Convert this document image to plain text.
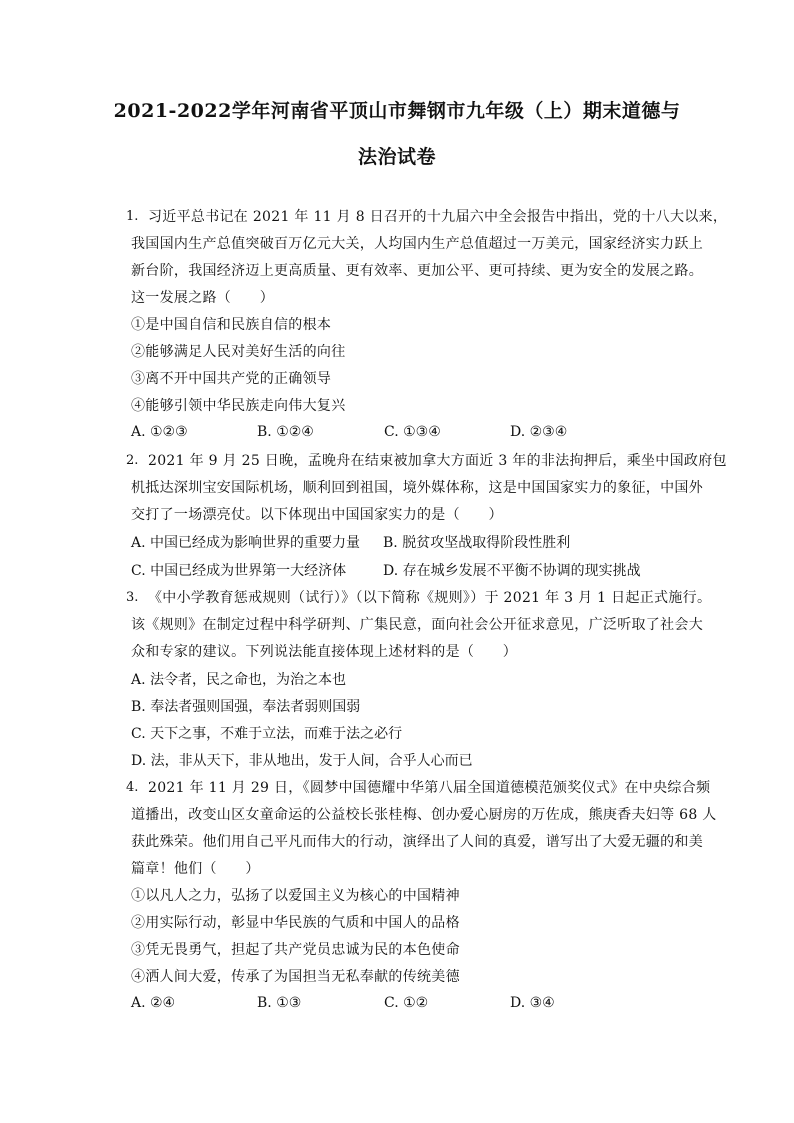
2021-2022学年河南省平顶山市舞钢市九年级（上）期末道德与
法治试卷
1. 习近平总书记在 2021 年 11 月 8 日召开的十九届六中全会报告中指出，党的十八大以来，
我国国内生产总值突破百万亿元大关，人均国内生产总值超过一万美元，国家经济实力跃上
新台阶，我国经济迈上更高质量、更有效率、更加公平、更可持续、更为安全的发展之路。
这一发展之路（　　）
①是中国自信和民族自信的根本
②能够满足人民对美好生活的向往
③离不开中国共产党的正确领导
④能够引领中华民族走向伟大复兴
A. ①②③	B. ①②④	C. ①③④	D. ②③④
2. 2021 年 9 月 25 日晚，孟晚舟在结束被加拿大方面近 3 年的非法拘押后，乘坐中国政府包
机抵达深圳宝安国际机场，顺利回到祖国，境外媒体称，这是中国国家实力的象征，中国外
交打了一场漂亮仗。以下体现出中国国家实力的是（　　）
A. 中国已经成为影响世界的重要力量 B. 脱贫攻坚战取得阶段性胜利
C. 中国已经成为世界第一大经济体	D. 存在城乡发展不平衡不协调的现实挑战
3. 《中小学教育惩戒规则（试行）》（以下简称《规则》）于 2021 年 3 月 1 日起正式施行。
该《规则》在制定过程中科学研判、广集民意，面向社会公开征求意见，广泛听取了社会大
众和专家的建议。下列说法能直接体现上述材料的是（　　）
A. 法令者，民之命也，为治之本也
B. 奉法者强则国强，奉法者弱则国弱
C. 天下之事，不难于立法，而难于法之必行
D. 法，非从天下，非从地出，发于人间，合乎人心而已
4. 2021 年 11 月 29 日，《圆梦中国德耀中华第八届全国道德模范颁奖仪式》在中央综合频
道播出，改变山区女童命运的公益校长张桂梅、创办爱心厨房的万佐成，熊庚香夫妇等 68 人
获此殊荣。他们用自己平凡而伟大的行动，演绎出了人间的真爱，谱写出了大爱无疆的和美
篇章！他们（　　）
①以凡人之力，弘扬了以爱国主义为核心的中国精神
②用实际行动，彰显中华民族的气质和中国人的品格
③凭无畏勇气，担起了共产党员忠诚为民的本色使命
④洒人间大爱，传承了为国担当无私奉献的传统美德
A. ②④	B. ①③	C. ①②	D. ③④
